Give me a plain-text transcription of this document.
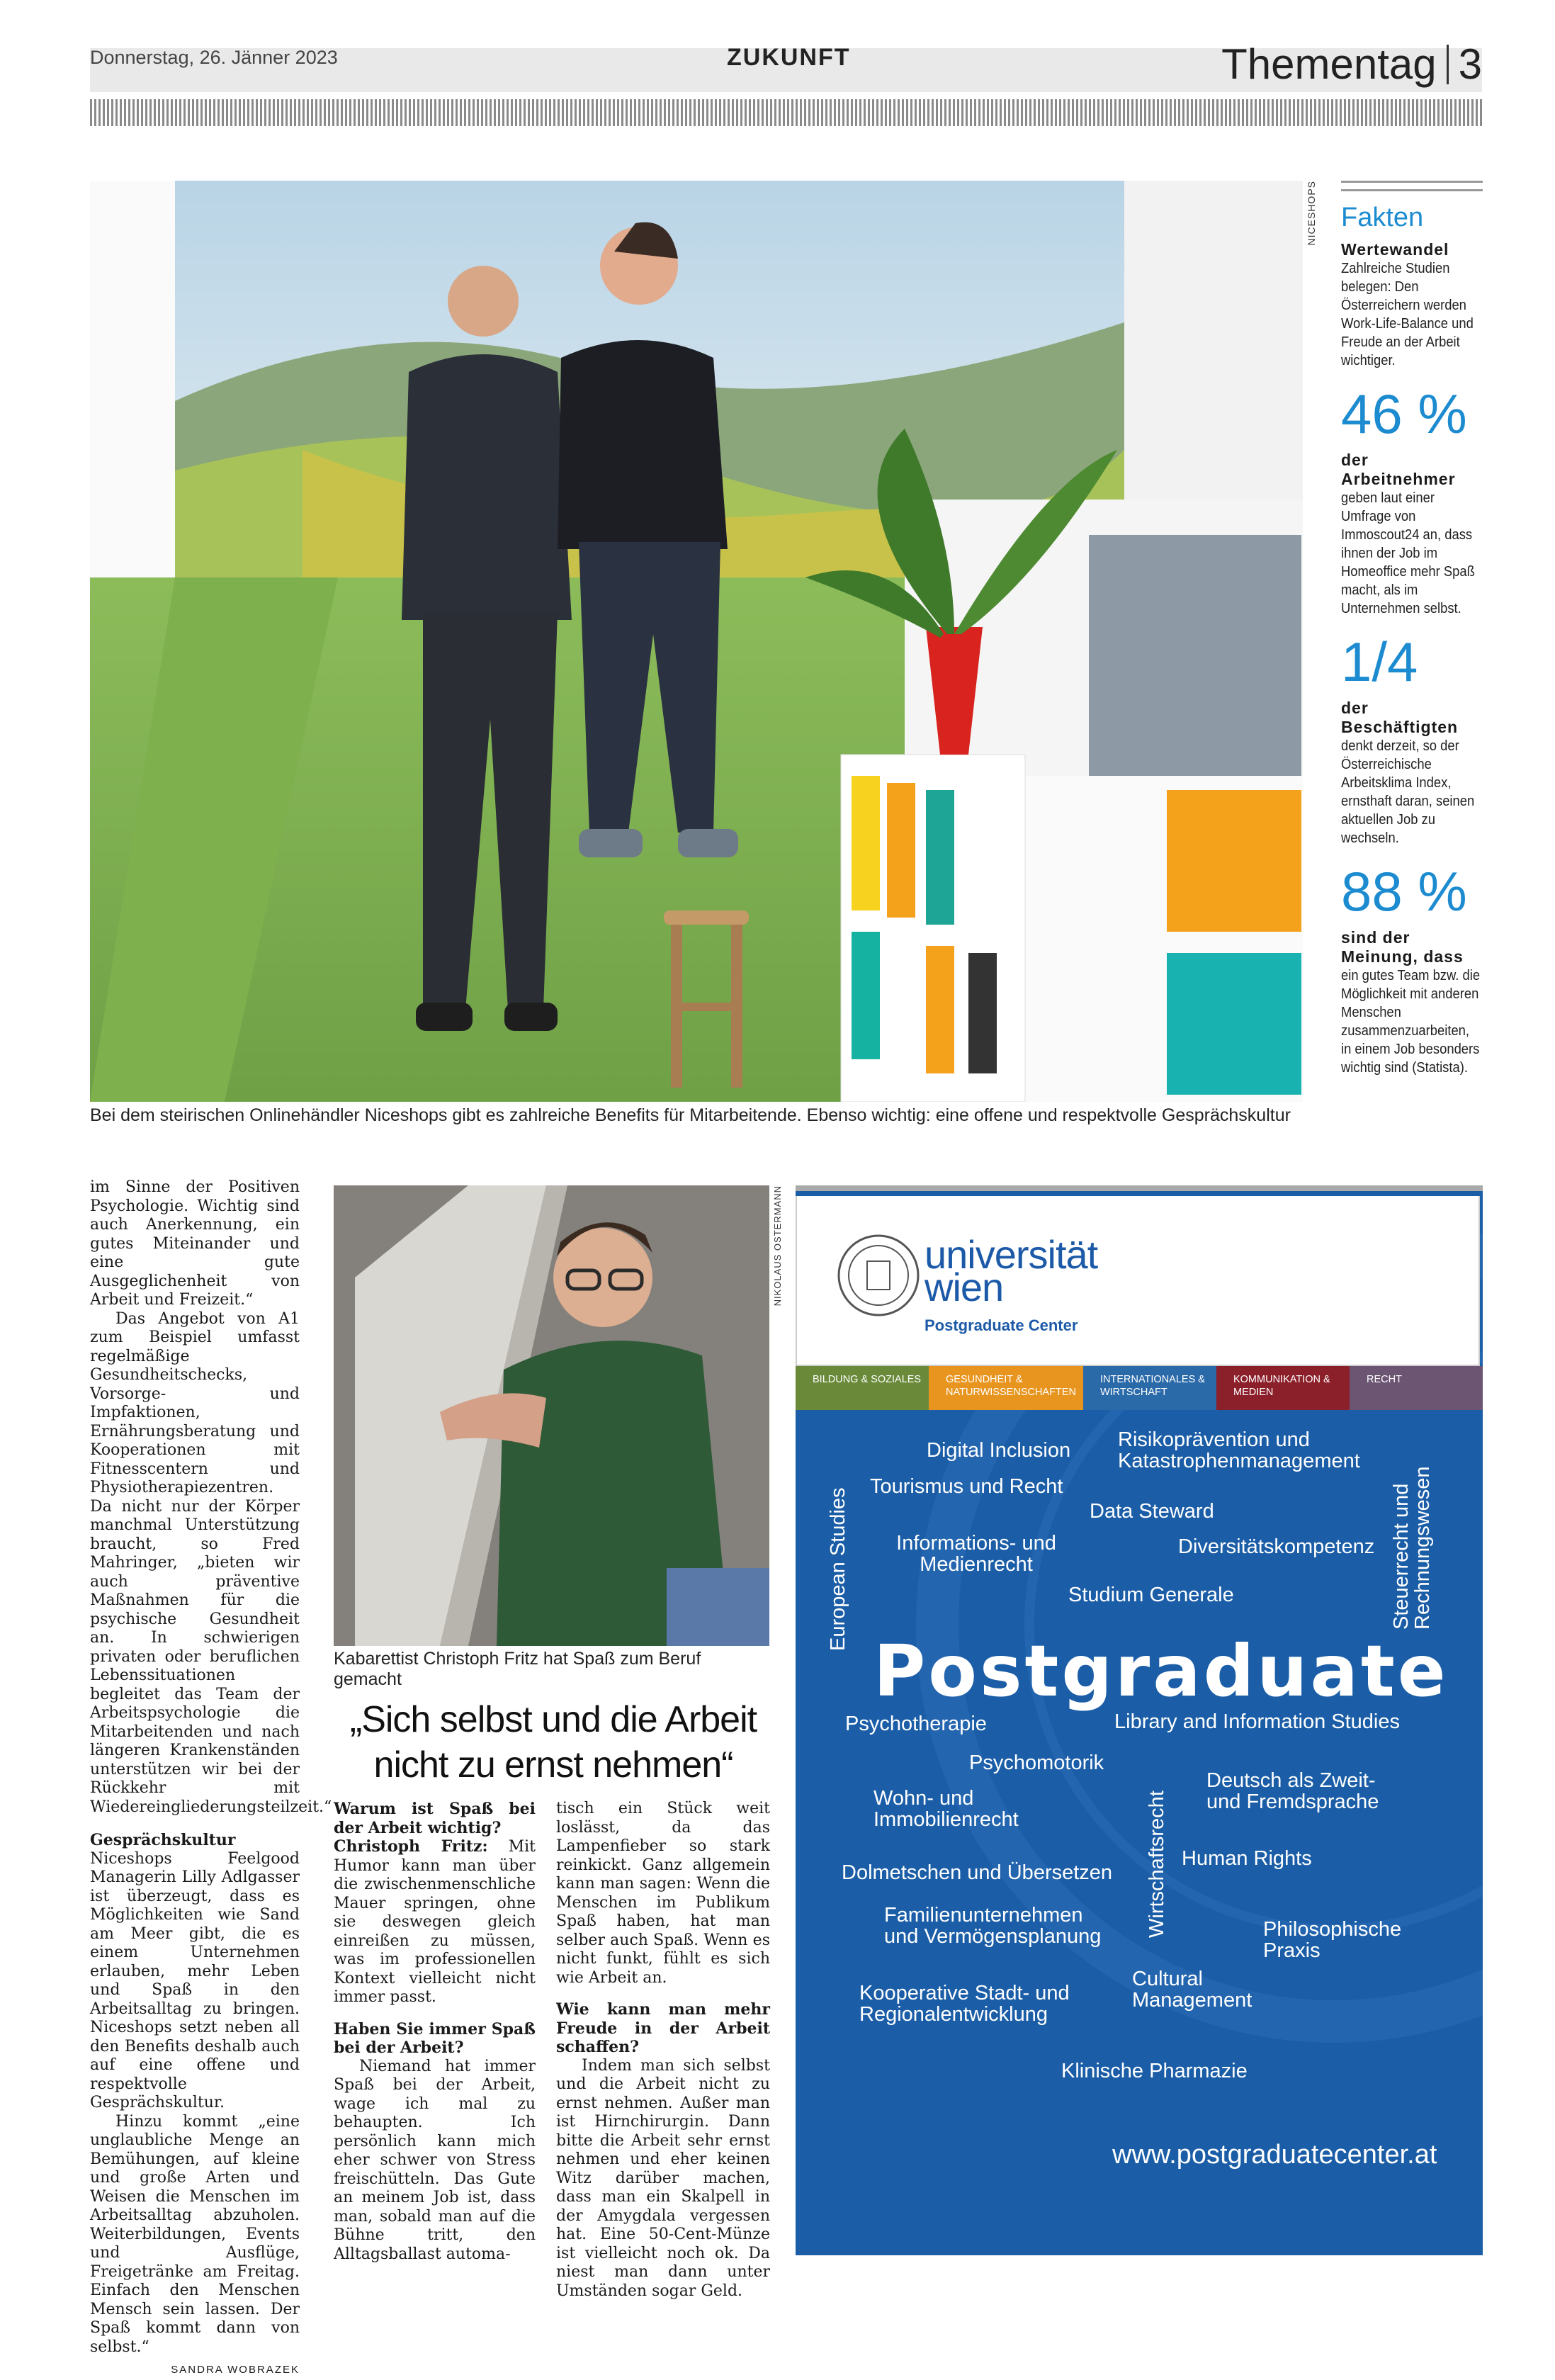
Donnerstag, 26. Jänner 2023	ZUKUNFT	Thementag 3
NICESHOPS
Bei dem steirischen Onlinehändler Niceshops gibt es zahlreiche Benefits für Mitarbeitende. Ebenso wichtig: eine offene und respektvolle Gesprächskultur
Fakten
Wertewandel
Zahlreiche Studien belegen: Den Österreichern werden Work-Life-Balance und Freude an der Arbeit wichtiger.
46 %
der Arbeitnehmer
geben laut einer Umfrage von Immoscout24 an, dass ihnen der Job im Homeoffice mehr Spaß macht, als im Unternehmen selbst.
1/4
der Beschäftigten
denkt derzeit, so der Österreichische Arbeitsklima Index, ernsthaft daran, seinen aktuellen Job zu wechseln.
88 %
sind der Meinung, dass
ein gutes Team bzw. die Möglichkeit mit anderen Menschen zusammenzuarbeiten, in einem Job besonders wichtig sind (Statista).

im Sinne der Positiven Psychologie. Wichtig sind auch Anerkennung, ein gutes Miteinander und eine gute Ausgeglichenheit von Arbeit und Freizeit.“

Das Angebot von A1 zum Beispiel umfasst regelmäßige Gesundheitschecks, Vorsorge- und Impfaktionen, Ernährungsberatung und Kooperationen mit Fitnesscentern und Physiotherapiezentren. Da nicht nur der Körper manchmal Unterstützung braucht, so Fred Mahringer, „bieten wir auch präventive Maßnahmen für die psychische Gesundheit an. In schwierigen privaten oder beruflichen Lebenssituationen begleitet das Team der Arbeitspsychologie die Mitarbeitenden und nach längeren Krankenständen unterstützen wir bei der Rückkehr mit Wiedereingliederungsteilzeit.“

Gesprächskultur

Niceshops Feelgood Managerin Lilly Adlgasser ist überzeugt, dass es Möglichkeiten wie Sand am Meer gibt, die es einem Unternehmen erlauben, mehr Leben und Spaß in den Arbeitsalltag zu bringen. Niceshops setzt neben all den Benefits deshalb auch auf eine offene und respektvolle Gesprächskultur.

Hinzu kommt „eine unglaubliche Menge an Bemühungen, auf kleine und große Arten und Weisen die Menschen im Arbeitsalltag abzuholen. Weiterbildungen, Events und Ausflüge, Freigetränke am Freitag. Einfach den Menschen Mensch sein lassen. Der Spaß kommt dann von selbst.“

SANDRA WOBRAZEK
NIKOLAUS OSTERMANN
Kabarettist Christoph Fritz hat Spaß zum Beruf gemacht
„Sich selbst und die Arbeit nicht zu ernst nehmen“

Warum ist Spaß bei der Arbeit wichtig?

Christoph Fritz: Mit Humor kann man über die zwischenmenschliche Mauer springen, ohne sie deswegen gleich einreißen zu müssen, was im professionellen Kontext vielleicht nicht immer passt.

Haben Sie immer Spaß bei der Arbeit?

Niemand hat immer Spaß bei der Arbeit, wage ich mal zu behaupten. Ich persönlich kann mich eher schwer von Stress freischütteln. Das Gute an meinem Job ist, dass man, sobald man auf die Bühne tritt, den Alltagsballast automa-

tisch ein Stück weit loslässt, da das Lampenfieber so stark reinkickt. Ganz allgemein kann man sagen: Wenn die Menschen im Publikum Spaß haben, hat man selber auch Spaß. Wenn es nicht funkt, fühlt es sich wie Arbeit an.

Wie kann man mehr Freude in der Arbeit schaffen?

Indem man sich selbst und die Arbeit nicht zu ernst nehmen. Außer man ist Hirnchirurgin. Dann bitte die Arbeit sehr ernst nehmen und eher keinen Witz darüber machen, dass man ein Skalpell in der Amygdala vergessen hat. Eine 50-Cent-Münze ist vielleicht noch ok. Da niest man dann unter Umständen sogar Geld.

universität
wien
Postgraduate Center
BILDUNG & SOZIALES	GESUNDHEIT & NATURWISSENSCHAFTEN
INTERNATIONALES & WIRTSCHAFT
KOMMUNIKATION & MEDIEN
RECHT
Digital Inclusion Risikoprävention und Katastrophenmanagement
Tourismus und Recht
Data Steward
Informations- und Medienrecht
Diversitätskompetenz
Studium Generale
European Studies	Steuerrecht und Rechnungswesen
Postgraduate
Psychotherapie	Library and Information Studies
Psychomotorik
Wohn- und Immobilienrecht	Wirtschaftsrecht
Deutsch als Zweit- und Fremdsprache
Dolmetschen und Übersetzen
Human Rights
Familienunternehmen und Vermögensplanung	Philosophische Praxis
Kooperative Stadt- und Regionalentwicklung
Cultural Management
Klinische Pharmazie
www.postgraduatecenter.at
